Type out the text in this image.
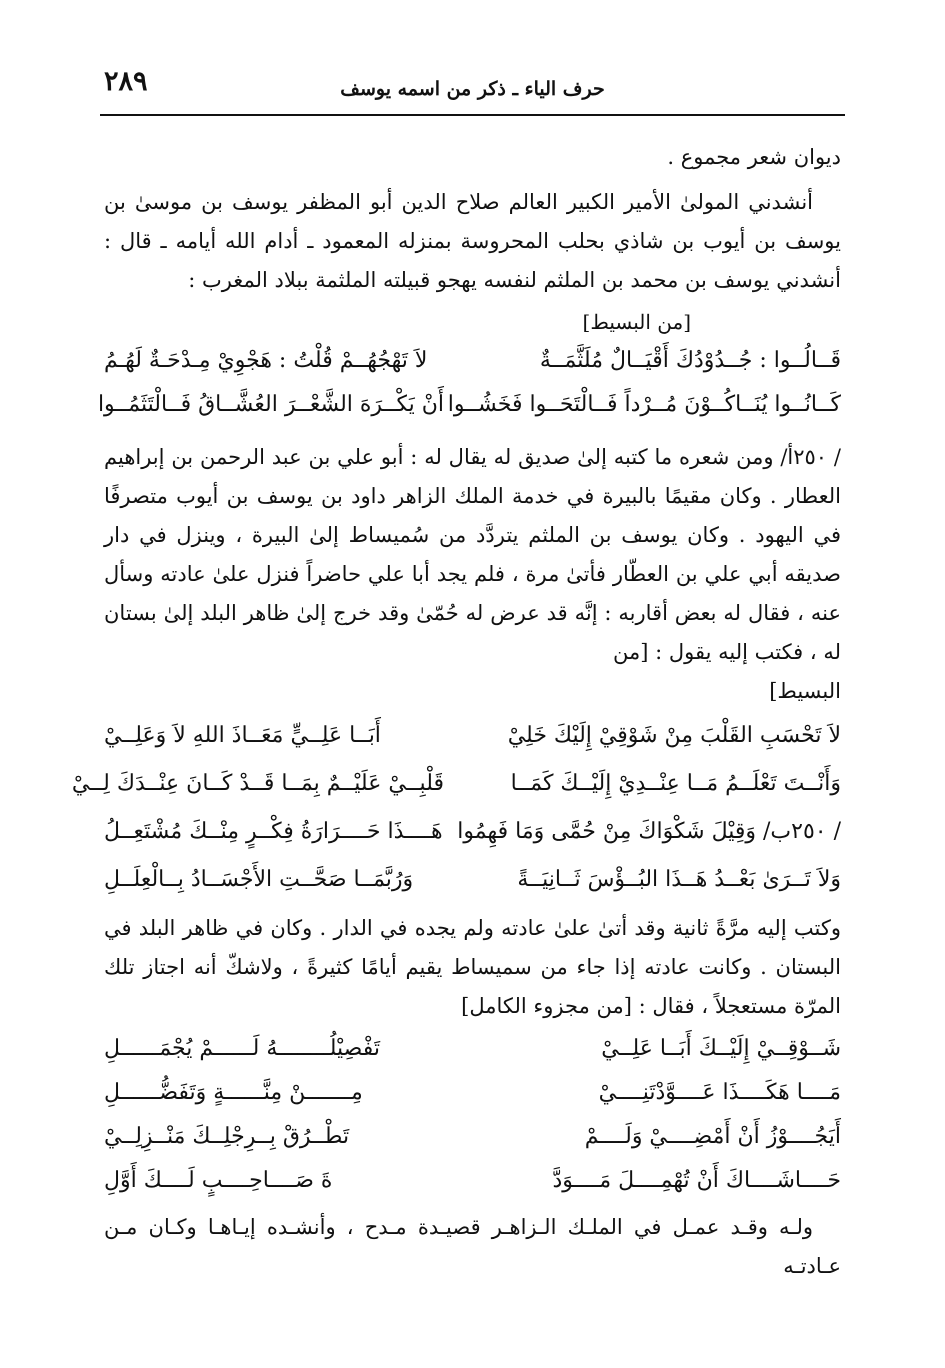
٢٨٩	حرف الياء ـ ذكر من اسمه يوسف

ديوان شعر مجموع .

أنشدني المولىٰ الأمير الكبير العالم صلاح الدين أبو المظفر يوسف بن موسىٰ بن يوسف بن أيوب بن شاذي بحلب المحروسة بمنزله المعمود ـ أدام الله أيامه ـ قال : أنشدني يوسف بن محمد بن الملثم لنفسه يهجو قبيلته الملثمة ببلاد المغرب :

[من البسيط]

قَــالُــوا : جُــدُوْدُكَ أَقْيَــالٌ مُلَثَّمَــةٌ
لاَ تَهْجُهُــمْ قُلْتُ : هَجْوِيْ مِـدْحَـةٌ لَهُـمُ
كَــانُــوا يُنَــاكُــوْنَ مُــرْداً فَــالْتَحَــوا فَخَشُــوا
أَنْ يَكْــرَهَ الشَّعْــرَ العُشَّــاقُ فَــالْتَثَمُــوا

/ ٢٥٠أ/ ومن شعره ما كتبه إلىٰ صديق له يقال له : أبو علي بن عبد الرحمن بن إبراهيم العطار . وكان مقيمًا بالبيرة في خدمة الملك الزاهر داود بن يوسف بن أيوب متصرفًا في اليهود . وكان يوسف بن الملثم يتردَّد من سُميساط إلىٰ البيرة ، وينزل في دار صديقه أبي علي بن العطّار فأتىٰ مرة ، فلم يجد أبا علي حاضراً فنزل علىٰ عادته وسأل عنه ، فقال له بعض أقاربه : إنَّه قد عرض له حُمّىٰ وقد خرج إلىٰ ظاهر البلد إلىٰ بستان له ، فكتب إليه يقول : [من

البسيط]

لاَ تَحْسَبِ القَلْبَ مِنْ شَوْقِيْ إِلَيْكَ خَلِيْ
أَبَــا عَلِــيٍّ مَعَــاذَ اللهِ لاَ وَعَلِــيْ
وَأَنْــتَ تَعْلَــمُ مَــا عِنْــدِيْ إِلَيْــكَ كَمَــا
قَلْبِــيْ عَلَيْــمٌ بِمَــا قَــدْ كَــانَ عِنْــدَكَ لِــيْ
/ ٢٥٠ب/ وَقِيْلَ شَكْوَاكَ مِنْ حُمَّى وَمَا فَهِمُوا
هَــــذَا حَــــرَارَةُ فِكْــرٍ مِنْــكَ مُشْتَعِــلُ
وَلاَ تَــرَىٰ بَعْــدُ هَــذَا البُــؤْسَ ثَــانِيَــةً
وَرُبَّمَــا صَحَّــتِ الأَجْسَــادُ بِــالْعِلَــلِ

وكتب إليه مرَّةً ثانية وقد أتىٰ علىٰ عادته ولم يجده في الدار . وكان في ظاهر البلد في البستان . وكانت عادته إذا جاء من سميساط يقيم أيامًا كثيرةً ، ولاشكّ أنه اجتاز تلك المرّة مستعجلاً ، فقال : [من مجزوء الكامل]

شَــوْقِــيْ إِلَيْــكَ أَبَــا عَلِــيْ
تَفْصِيْلُــــــــهُ لَــــــمْ يُجْمَــــــلِ
مَــــا هَكَــــذَا عَــــوَّدْتَنِــــيْ
مِـــــــنْ مِنَّــــــةٍ وَتَفَضُّــــــلِ
أَيَجُــــوْزُ أَنْ أَمْضِــــيْ وَلَــــمْ
تَطْــرُقْ بِــرِجْلِــكَ مَنْــزِلِــيْ
حَــــاشَــــاكَ أَنْ تُهْمِــــلَ مَــــوَدَّ
ةَ صَــــاحِــــبٍ لَــــكَ أَوَّلِ

ولـه وقـد عمـل في الملـك الـزاهـر قصيـدة مـدح ، وأنشـده إيـاهـا وكـان مـن عـادتـه
